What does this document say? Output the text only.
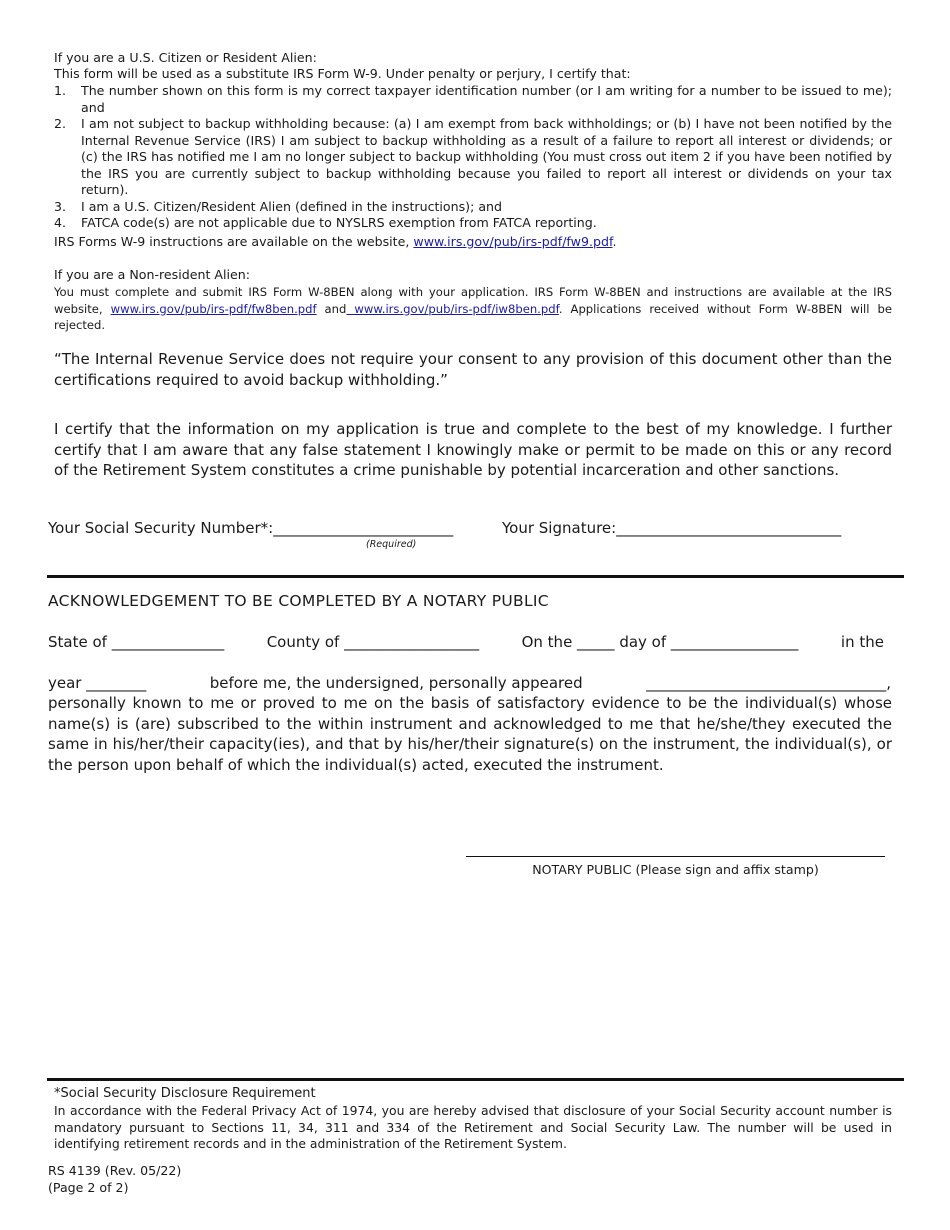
If you are a U.S. Citizen or Resident Alien:
This form will be used as a substitute IRS Form W-9. Under penalty or perjury, I certify that:
1.	The number shown on this form is my correct taxpayer identification number (or I am writing for a number to be issued to me); and
2.	I am not subject to backup withholding because: (a) I am exempt from back withholdings; or (b) I have not been notified by the Internal Revenue Service (IRS) I am subject to backup withholding as a result of a failure to report all interest or dividends; or (c) the IRS has notified me I am no longer subject to backup withholding (You must cross out item 2 if you have been notified by the IRS you are currently subject to backup withholding because you failed to report all interest or dividends on your tax return).
3.	I am a U.S. Citizen/Resident Alien (defined in the instructions); and
4.	FATCA code(s) are not applicable due to NYSLRS exemption from FATCA reporting.
IRS Forms W-9 instructions are available on the website, www.irs.gov/pub/irs-pdf/fw9.pdf.
If you are a Non-resident Alien:
You must complete and submit IRS Form W-8BEN along with your application. IRS Form W-8BEN and instructions are available at the IRS website, www.irs.gov/pub/irs-pdf/fw8ben.pdf and www.irs.gov/pub/irs-pdf/iw8ben.pdf. Applications received without Form W-8BEN will be rejected.
“The Internal Revenue Service does not require your consent to any provision of this document other than the certifications required to avoid backup withholding.”
I certify that the information on my application is true and complete to the best of my knowledge. I further certify that I am aware that any false statement I knowingly make or permit to be made on this or any record of the Retirement System constitutes a crime punishable by potential incarceration and other sanctions.
Your Social Security Number*:________________________
(Required)
Your Signature:______________________________
ACKNOWLEDGEMENT TO BE COMPLETED BY A NOTARY PUBLIC
State of _______________	County of __________________	On the _____ day of _________________	in the
year ________	before me, the undersigned, personally appeared	________________________________,
personally known to me or proved to me on the basis of satisfactory evidence to be the individual(s) whose name(s) is (are) subscribed to the within instrument and acknowledged to me that he/she/they executed the same in his/her/their capacity(ies), and that by his/her/their signature(s) on the instrument, the individual(s), or the person upon behalf of which the individual(s) acted, executed the instrument.
NOTARY PUBLIC (Please sign and affix stamp)
*Social Security Disclosure Requirement
In accordance with the Federal Privacy Act of 1974, you are hereby advised that disclosure of your Social Security account number is mandatory pursuant to Sections 11, 34, 311 and 334 of the Retirement and Social Security Law. The number will be used in identifying retirement records and in the administration of the Retirement System.
RS 4139 (Rev. 05/22)
(Page 2 of 2)
